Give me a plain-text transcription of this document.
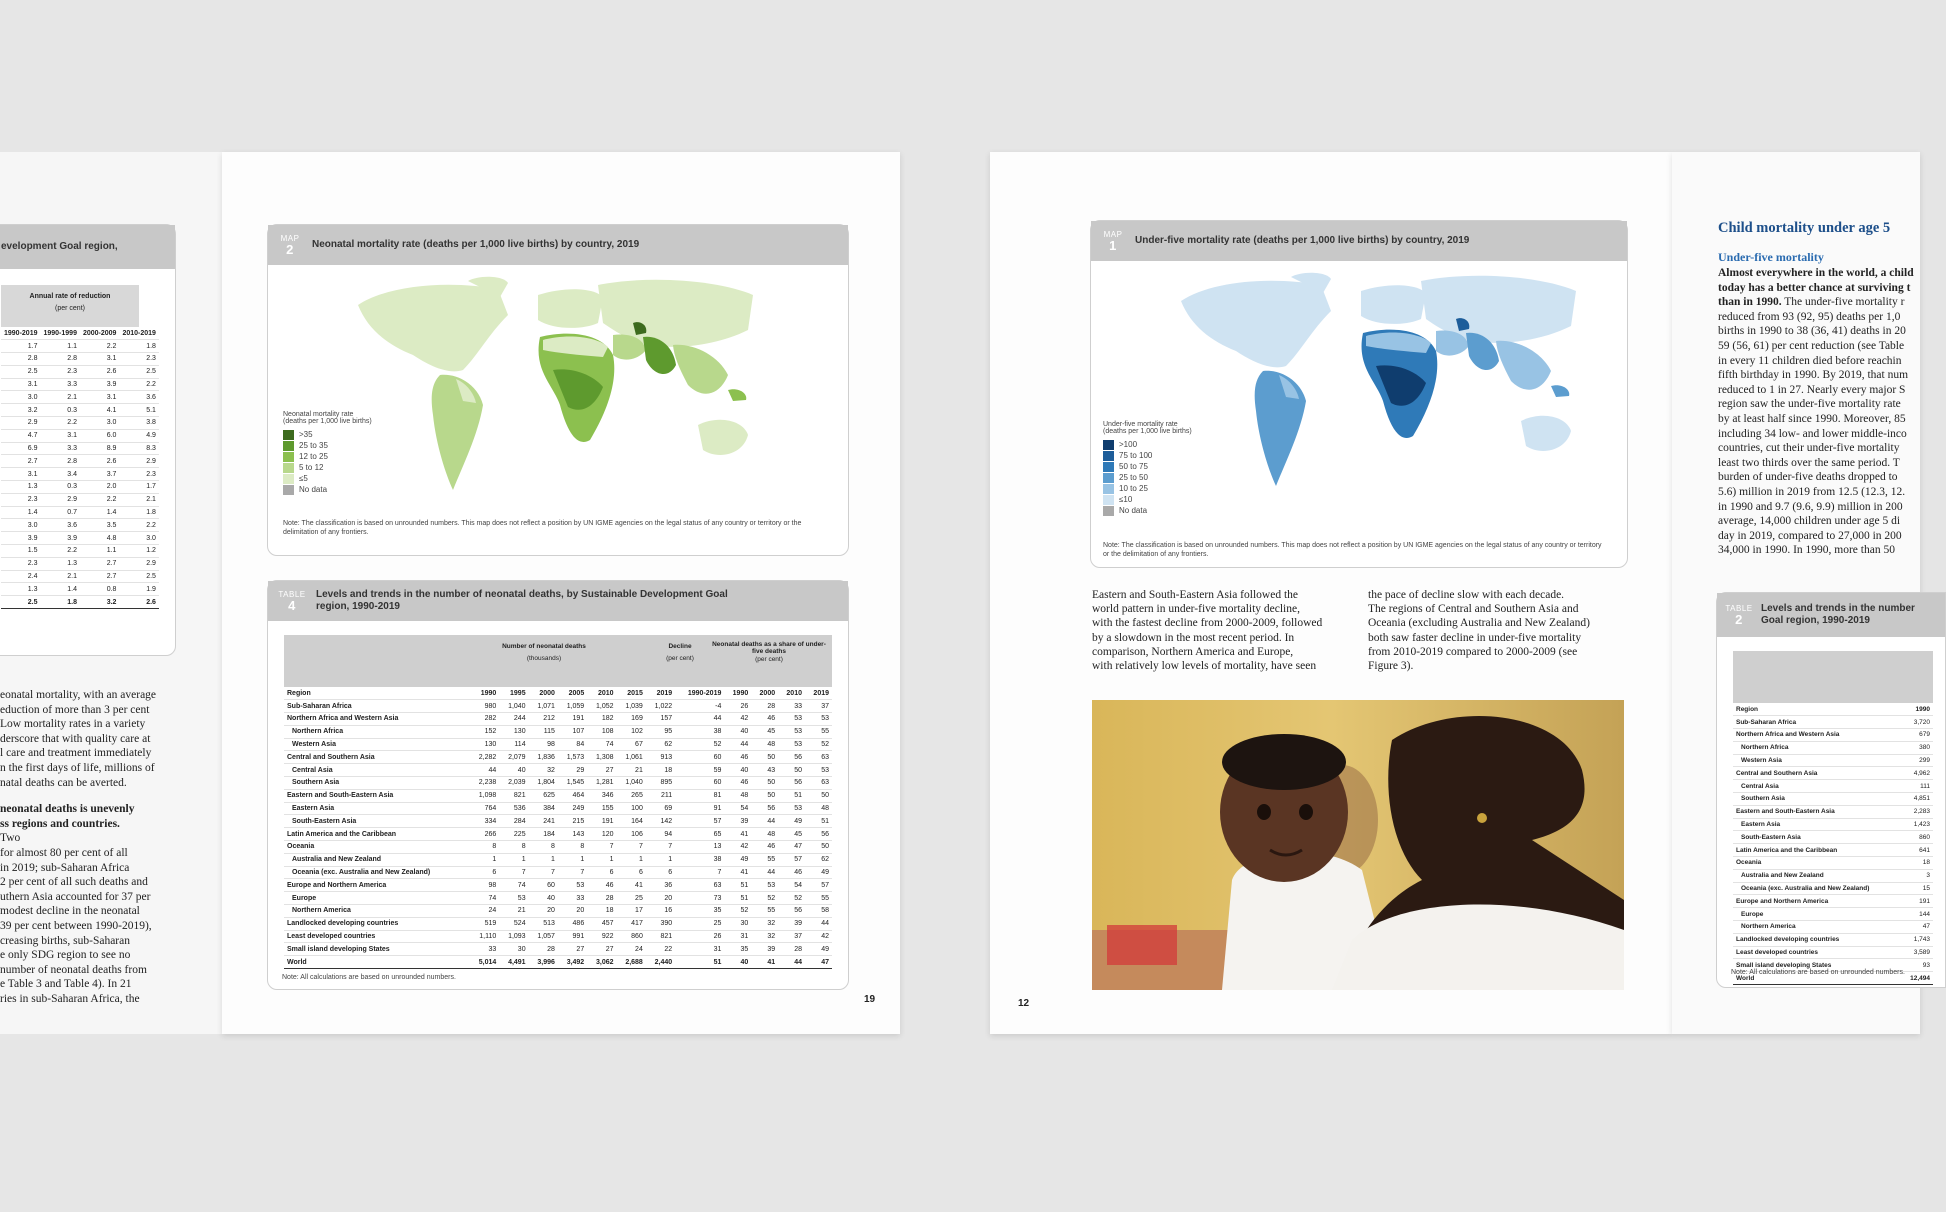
evelopment Goal region,
Annual rate of reduction
(per cent)
1990-2019	1990-1999	2000-2009	2010-2019
1.7	1.1	2.2	1.8
2.8	2.8	3.1	2.3
2.5	2.3	2.6	2.5
3.1	3.3	3.9	2.2
3.0	2.1	3.1	3.6
3.2	0.3	4.1	5.1
2.9	2.2	3.0	3.8
4.7	3.1	6.0	4.9
6.9	3.3	8.9	8.3
2.7	2.8	2.6	2.9
3.1	3.4	3.7	2.3
1.3	0.3	2.0	1.7
2.3	2.9	2.2	2.1
1.4	0.7	1.4	1.8
3.0	3.6	3.5	2.2
3.9	3.9	4.8	3.0
1.5	2.2	1.1	1.2
2.3	1.3	2.7	2.9
2.4	2.1	2.7	2.5
1.3	1.4	0.8	1.9
2.5	1.8	3.2	2.6
eonatal mortality, with an average
eduction of more than 3 per cent
Low mortality rates in a variety
derscore that with quality care at
l care and treatment immediately
n the first days of life, millions of
natal deaths can be averted.
neonatal deaths is unevenly
ss regions and countries.
Two
for almost 80 per cent of all
in 2019; sub-Saharan Africa
2 per cent of all such deaths and
uthern Asia accounted for 37 per
modest decline in the neonatal
39 per cent between 1990-2019),
creasing births, sub-Saharan
e only SDG region to see no
number of neonatal deaths from
e Table 3 and Table 4). In 21
ries in sub-Saharan Africa, the
MAP
2	Neonatal mortality rate (deaths per 1,000 live births) by country, 2019
Neonatal mortality rate
(deaths per 1,000 live births)
>35
25 to 35
12 to 25
5 to 12
≤5
No data
Note: The classification is based on unrounded numbers. This map does not reflect a position by UN IGME agencies on the legal status of any country or territory or the delimitation of any frontiers.
TABLE
4
Levels and trends in the number of neonatal deaths, by Sustainable Development Goal region, 1990-2019
Number of neonatal deaths
(thousands)
Decline
(per cent)
Neonatal deaths as a share of under-five deaths
(per cent)
Region	1990	1995	2000	2005	2010	2015	2019	1990-2019	1990	2000	2010	2019
Sub-Saharan Africa	980	1,040	1,071	1,059	1,052	1,039	1,022	-4	26	28	33	37
Northern Africa and Western Asia	282	244	212	191	182	169	157	44	42	46	53	53
Northern Africa	152	130	115	107	108	102	95	38	40	45	53	55
Western Asia	130	114	98	84	74	67	62	52	44	48	53	52
Central and Southern Asia	2,282	2,079	1,836	1,573	1,308	1,061	913	60	46	50	56	63
Central Asia	44	40	32	29	27	21	18	59	40	43	50	53
Southern Asia	2,238	2,039	1,804	1,545	1,281	1,040	895	60	46	50	56	63
Eastern and South-Eastern Asia	1,098	821	625	464	346	265	211	81	48	50	51	50
Eastern Asia	764	536	384	249	155	100	69	91	54	56	53	48
South-Eastern Asia	334	284	241	215	191	164	142	57	39	44	49	51
Latin America and the Caribbean	266	225	184	143	120	106	94	65	41	48	45	56
Oceania	8	8	8	8	7	7	7	13	42	46	47	50
Australia and New Zealand	1	1	1	1	1	1	1	38	49	55	57	62
Oceania (exc. Australia and New Zealand)	6	7	7	7	6	6	6	7	41	44	46	49
Europe and Northern America	98	74	60	53	46	41	36	63	51	53	54	57
Europe	74	53	40	33	28	25	20	73	51	52	52	55
Northern America	24	21	20	20	18	17	16	35	52	55	56	58
Landlocked developing countries	519	524	513	486	457	417	390	25	30	32	39	44
Least developed countries	1,110	1,093	1,057	991	922	860	821	26	31	32	37	42
Small island developing States	33	30	28	27	27	24	22	31	35	39	28	49
World	5,014	4,491	3,996	3,492	3,062	2,688	2,440	51	40	41	44	47
Note: All calculations are based on unrounded numbers.
19
MAP
1	Under-five mortality rate (deaths per 1,000 live births) by country, 2019
Under-five mortality rate
(deaths per 1,000 live births)
>100
75 to 100
50 to 75
25 to 50
10 to 25
≤10
No data
Note: The classification is based on unrounded numbers. This map does not reflect a position by UN IGME agencies on the legal status of any country or territory or the delimitation of any frontiers.
Eastern and South-Eastern Asia followed the
world pattern in under-five mortality decline,
with the fastest decline from 2000-2009, followed
by a slowdown in the most recent period. In
comparison, Northern America and Europe,
with relatively low levels of mortality, have seen
the pace of decline slow with each decade.
The regions of Central and Southern Asia and
Oceania (excluding Australia and New Zealand)
both saw faster decline in under-five mortality
from 2010-2019 compared to 2000-2009 (see
Figure 3).
12
Child mortality under age 5
Under-five mortality
Almost everywhere in the world, a child
today has a better chance at surviving t
than in 1990. The under-five mortality r
reduced from 93 (92, 95) deaths per 1,0
births in 1990 to 38 (36, 41) deaths in 20
59 (56, 61) per cent reduction (see Table
in every 11 children died before reachin
fifth birthday in 1990. By 2019, that num
reduced to 1 in 27. Nearly every major S
region saw the under-five mortality rate
by at least half since 1990. Moreover, 85
including 34 low- and lower middle-inco
countries, cut their under-five mortality
least two thirds over the same period. T
burden of under-five deaths dropped to
5.6) million in 2019 from 12.5 (12.3, 12.
in 1990 and 9.7 (9.6, 9.9) million in 200
average, 14,000 children under age 5 di
day in 2019, compared to 27,000 in 200
34,000 in 1990. In 1990, more than 50
TABLE
2
Levels and trends in the number
Goal region, 1990-2019
Region	1990
Sub-Saharan Africa	3,720
Northern Africa and Western Asia	679
Northern Africa	380
Western Asia	299
Central and Southern Asia	4,962
Central Asia	111
Southern Asia	4,851
Eastern and South-Eastern Asia	2,283
Eastern Asia	1,423
South-Eastern Asia	860
Latin America and the Caribbean	641
Oceania	18
Australia and New Zealand	3
Oceania (exc. Australia and New Zealand)	15
Europe and Northern America	191
Europe	144
Northern America	47
Landlocked developing countries	1,743
Least developed countries	3,589
Small island developing States	93
World	12,494
Note: All calculations are based on unrounded numbers.
